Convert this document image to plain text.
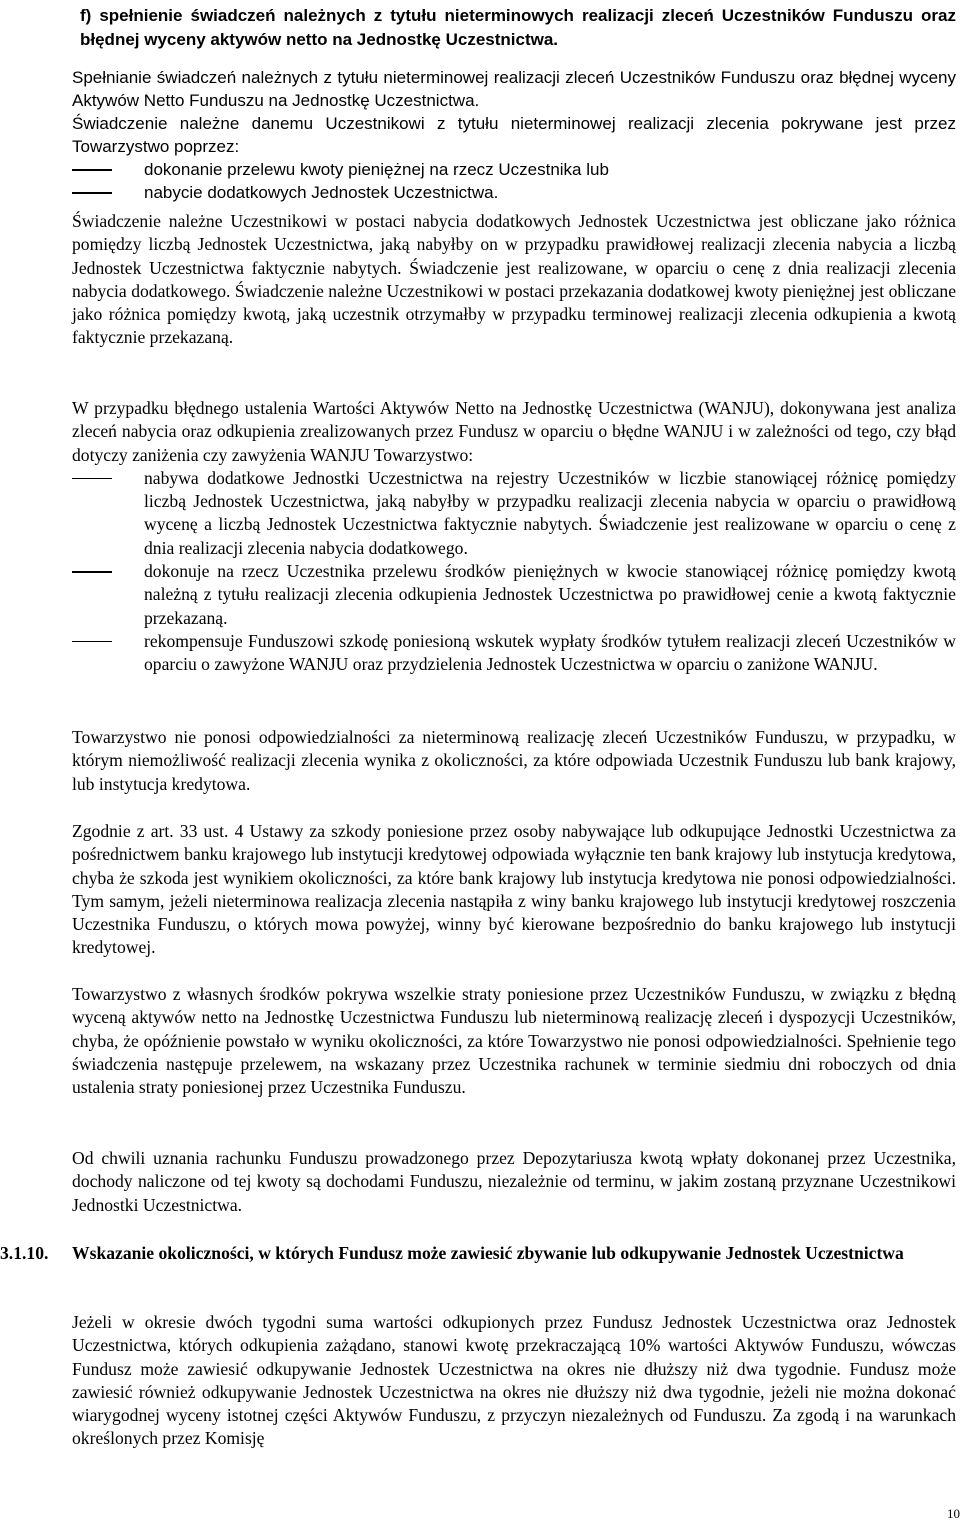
f) spełnienie świadczeń należnych z tytułu nieterminowych realizacji zleceń Uczestników Funduszu oraz błędnej wyceny aktywów netto na Jednostkę Uczestnictwa.

Spełnianie świadczeń należnych z tytułu nieterminowej realizacji zleceń Uczestników Funduszu oraz błędnej wyceny Aktywów Netto Funduszu na Jednostkę Uczestnictwa.

Świadczenie należne danemu Uczestnikowi z tytułu nieterminowej realizacji zlecenia pokrywane jest przez Towarzystwo poprzez:

dokonanie przelewu kwoty pieniężnej na rzecz Uczestnika lub

nabycie dodatkowych Jednostek Uczestnictwa.

Świadczenie należne Uczestnikowi w postaci nabycia dodatkowych Jednostek Uczestnictwa jest obliczane jako różnica pomiędzy liczbą Jednostek Uczestnictwa, jaką nabyłby on w przypadku prawidłowej realizacji zlecenia nabycia a liczbą Jednostek Uczestnictwa faktycznie nabytych. Świadczenie jest realizowane, w oparciu o cenę z dnia realizacji zlecenia nabycia dodatkowego. Świadczenie należne Uczestnikowi w postaci przekazania dodatkowej kwoty pieniężnej jest obliczane jako różnica pomiędzy kwotą, jaką uczestnik otrzymałby w przypadku terminowej realizacji zlecenia odkupienia a kwotą faktycznie przekazaną.

W przypadku błędnego ustalenia Wartości Aktywów Netto na Jednostkę Uczestnictwa (WANJU), dokonywana jest analiza zleceń nabycia oraz odkupienia zrealizowanych przez Fundusz w oparciu o błędne WANJU i w zależności od tego, czy błąd dotyczy zaniżenia czy zawyżenia WANJU Towarzystwo:

nabywa dodatkowe Jednostki Uczestnictwa na rejestry Uczestników w liczbie stanowiącej różnicę pomiędzy liczbą Jednostek Uczestnictwa, jaką nabyłby w przypadku realizacji zlecenia nabycia w oparciu o prawidłową wycenę a liczbą Jednostek Uczestnictwa faktycznie nabytych. Świadczenie jest realizowane w oparciu o cenę z dnia realizacji zlecenia nabycia dodatkowego.

dokonuje na rzecz Uczestnika przelewu środków pieniężnych w kwocie stanowiącej różnicę pomiędzy kwotą należną z tytułu realizacji zlecenia odkupienia Jednostek Uczestnictwa po prawidłowej cenie a kwotą faktycznie przekazaną.

rekompensuje Funduszowi szkodę poniesioną wskutek wypłaty środków tytułem realizacji zleceń Uczestników w oparciu o zawyżone WANJU oraz przydzielenia Jednostek Uczestnictwa w oparciu o zaniżone WANJU.

Towarzystwo nie ponosi odpowiedzialności za nieterminową realizację zleceń Uczestników Funduszu, w przypadku, w którym niemożliwość realizacji zlecenia wynika z okoliczności, za które odpowiada Uczestnik Funduszu lub bank krajowy, lub instytucja kredytowa.

Zgodnie z art. 33 ust. 4 Ustawy za szkody poniesione przez osoby nabywające lub odkupujące Jednostki Uczestnictwa za pośrednictwem banku krajowego lub instytucji kredytowej odpowiada wyłącznie ten bank krajowy lub instytucja kredytowa, chyba że szkoda jest wynikiem okoliczności, za które bank krajowy lub instytucja kredytowa nie ponosi odpowiedzialności. Tym samym, jeżeli nieterminowa realizacja zlecenia nastąpiła z winy banku krajowego lub instytucji kredytowej roszczenia Uczestnika Funduszu, o których mowa powyżej, winny być kierowane bezpośrednio do banku krajowego lub instytucji kredytowej.

Towarzystwo z własnych środków pokrywa wszelkie straty poniesione przez Uczestników Funduszu, w związku z błędną wyceną aktywów netto na Jednostkę Uczestnictwa Funduszu lub nieterminową realizację zleceń i dyspozycji Uczestników, chyba, że opóźnienie powstało w wyniku okoliczności, za które Towarzystwo nie ponosi odpowiedzialności. Spełnienie tego świadczenia następuje przelewem, na wskazany przez Uczestnika rachunek w terminie siedmiu dni roboczych od dnia ustalenia straty poniesionej przez Uczestnika Funduszu.

Od chwili uznania rachunku Funduszu prowadzonego przez Depozytariusza kwotą wpłaty dokonanej przez Uczestnika, dochody naliczone od tej kwoty są dochodami Funduszu, niezależnie od terminu, w jakim zostaną przyznane Uczestnikowi Jednostki Uczestnictwa.

3.1.10. Wskazanie okoliczności, w których Fundusz może zawiesić zbywanie lub odkupywanie Jednostek Uczestnictwa

Jeżeli w okresie dwóch tygodni suma wartości odkupionych przez Fundusz Jednostek Uczestnictwa oraz Jednostek Uczestnictwa, których odkupienia zażądano, stanowi kwotę przekraczającą 10% wartości Aktywów Funduszu, wówczas Fundusz może zawiesić odkupywanie Jednostek Uczestnictwa na okres nie dłuższy niż dwa tygodnie. Fundusz może zawiesić również odkupywanie Jednostek Uczestnictwa na okres nie dłuższy niż dwa tygodnie, jeżeli nie można dokonać wiarygodnej wyceny istotnej części Aktywów Funduszu, z przyczyn niezależnych od Funduszu. Za zgodą i na warunkach określonych przez Komisję

10
